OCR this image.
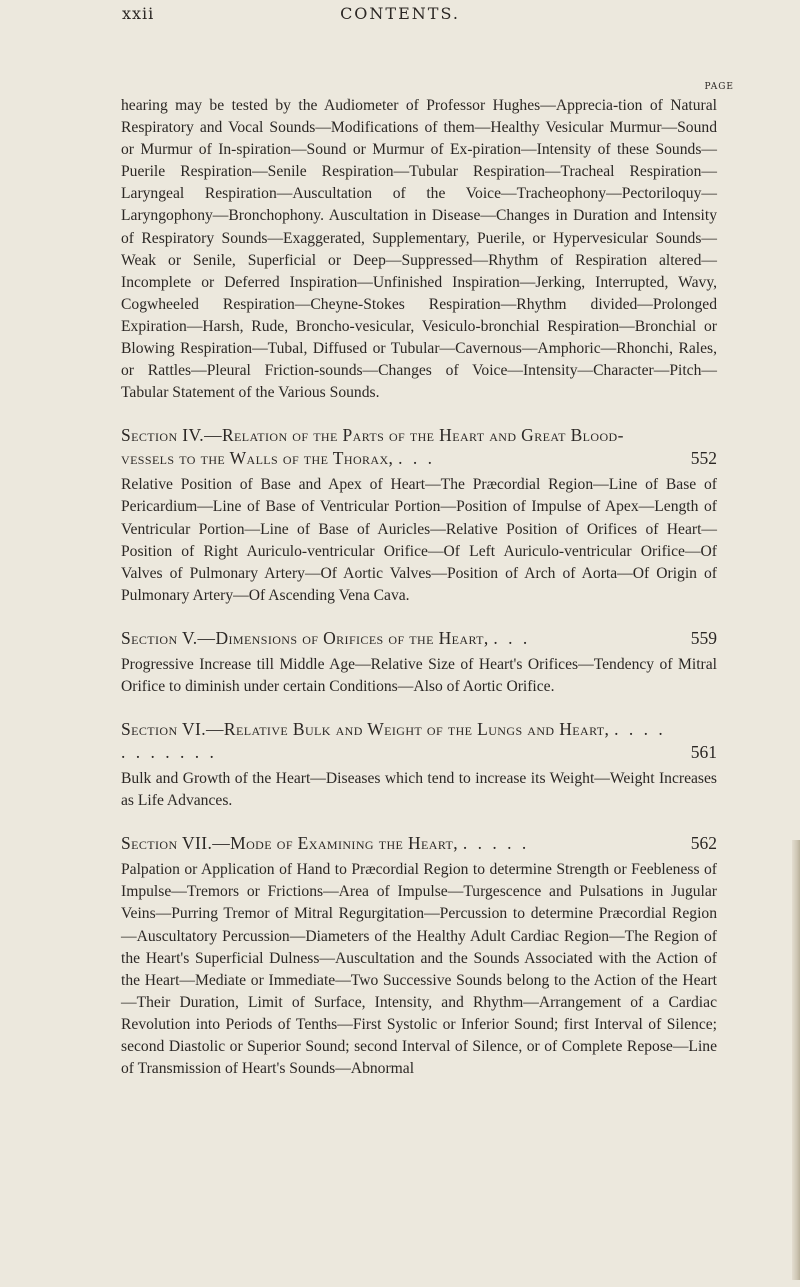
xxii	CONTENTS.
PAGE

hearing may be tested by the Audiometer of Professor Hughes—Apprecia-tion of Natural Respiratory and Vocal Sounds—Modifications of them—Healthy Vesicular Murmur—Sound or Murmur of In-spiration—Sound or Murmur of Ex-piration—Intensity of these Sounds—Puerile Respiration—Senile Respiration—Tubular Respiration—Tracheal Respiration—Laryngeal Respiration—Auscultation of the Voice—Tracheophony—Pectoriloquy—Laryngophony—Bronchophony. Auscultation in Disease—Changes in Duration and Intensity of Respiratory Sounds—Exaggerated, Supplementary, Puerile, or Hypervesicular Sounds—Weak or Senile, Superficial or Deep—Suppressed—Rhythm of Respiration altered—Incomplete or Deferred Inspiration—Unfinished Inspiration—Jerking, Interrupted, Wavy, Cogwheeled Respiration—Cheyne-Stokes Respiration—Rhythm divided—Prolonged Expiration—Harsh, Rude, Broncho-vesicular, Vesiculo-bronchial Respiration—Bronchial or Blowing Respiration—Tubal, Diffused or Tubular—Cavernous—Amphoric—Rhonchi, Rales, or Rattles—Pleural Friction-sounds—Changes of Voice—Intensity—Character—Pitch—Tabular Statement of the Various Sounds.

Section IV.—Relation of the Parts of the Heart and Great Blood-vessels to the Walls of the Thorax, . . .	552

Relative Position of Base and Apex of Heart—The Præcordial Region—Line of Base of Pericardium—Line of Base of Ventricular Portion—Position of Impulse of Apex—Length of Ventricular Portion—Line of Base of Auricles—Relative Position of Orifices of Heart—Position of Right Auriculo-ventricular Orifice—Of Left Auriculo-ventricular Orifice—Of Valves of Pulmonary Artery—Of Aortic Valves—Position of Arch of Aorta—Of Origin of Pulmonary Artery—Of Ascending Vena Cava.

Section V.—Dimensions of Orifices of the Heart, . . .	559

Progressive Increase till Middle Age—Relative Size of Heart's Orifices—Tendency of Mitral Orifice to diminish under certain Conditions—Also of Aortic Orifice.

Section VI.—Relative Bulk and Weight of the Lungs and Heart, . . . . . . . . . . .	561

Bulk and Growth of the Heart—Diseases which tend to increase its Weight—Weight Increases as Life Advances.

Section VII.—Mode of Examining the Heart, . . . . .	562

Palpation or Application of Hand to Præcordial Region to determine Strength or Feebleness of Impulse—Tremors or Frictions—Area of Impulse—Turgescence and Pulsations in Jugular Veins—Purring Tremor of Mitral Regurgitation—Percussion to determine Præcordial Region—Auscultatory Percussion—Diameters of the Healthy Adult Cardiac Region—The Region of the Heart's Superficial Dulness—Auscultation and the Sounds Associated with the Action of the Heart—Mediate or Immediate—Two Successive Sounds belong to the Action of the Heart—Their Duration, Limit of Surface, Intensity, and Rhythm—Arrangement of a Cardiac Revolution into Periods of Tenths—First Systolic or Inferior Sound; first Interval of Silence; second Diastolic or Superior Sound; second Interval of Silence, or of Complete Repose—Line of Transmission of Heart's Sounds—Abnormal
